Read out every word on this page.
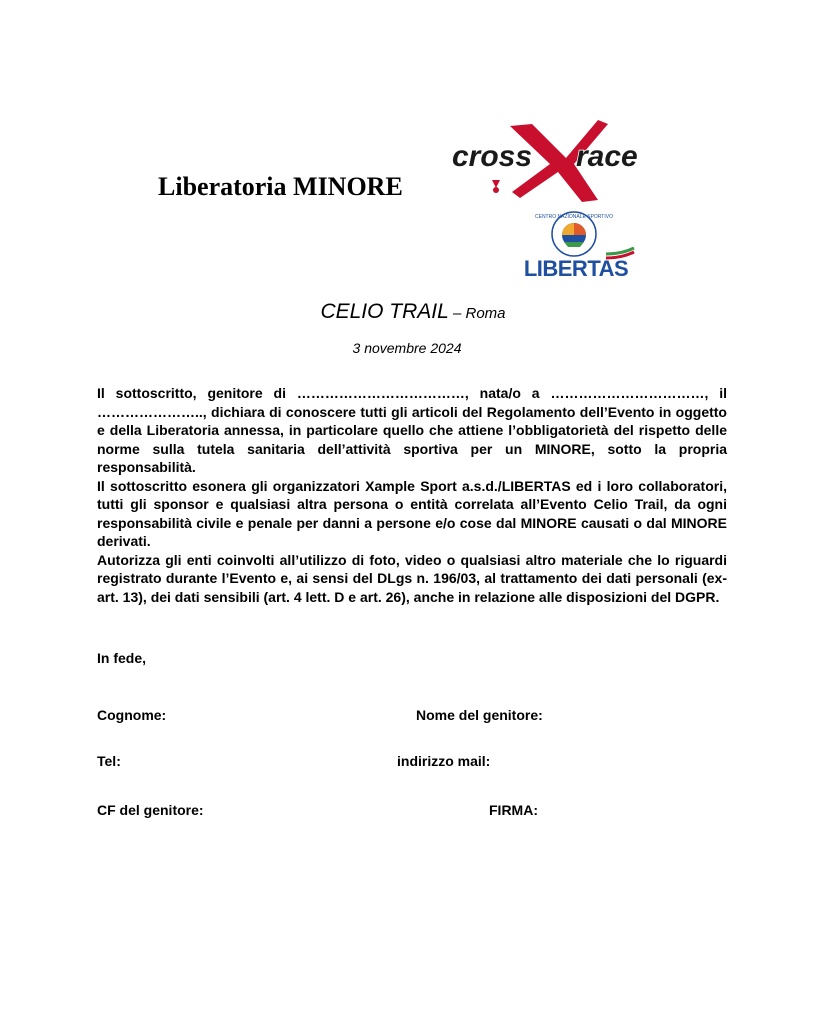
Liberatoria MINORE
cross race
CENTRO NAZIONALE SPORTIVO
LIBERTAS
CELIO TRAIL – Roma
3 novembre 2024

Il sottoscritto, genitore di ………………………………, nata/o a ……………………………, il ………………….., dichiara di conoscere tutti gli articoli del Regolamento dell’Evento in oggetto e della Liberatoria annessa, in particolare quello che attiene l’obbligatorietà del rispetto delle norme sulla tutela sanitaria dell’attività sportiva per un MINORE, sotto la propria responsabilità.

Il sottoscritto esonera gli organizzatori Xample Sport a.s.d./LIBERTAS ed i loro collaboratori, tutti gli sponsor e qualsiasi altra persona o entità correlata all’Evento Celio Trail, da ogni responsabilità civile e penale per danni a persone e/o cose dal MINORE causati o dal MINORE derivati.

Autorizza gli enti coinvolti all’utilizzo di foto, video o qualsiasi altro materiale che lo riguardi registrato durante l’Evento e, ai sensi del DLgs n. 196/03, al trattamento dei dati personali (ex-art. 13), dei dati sensibili (art. 4 lett. D e art. 26), anche in relazione alle disposizioni del DGPR.

In fede,
Cognome:	Nome del genitore:
Tel:	indirizzo mail:
CF del genitore:	FIRMA:
